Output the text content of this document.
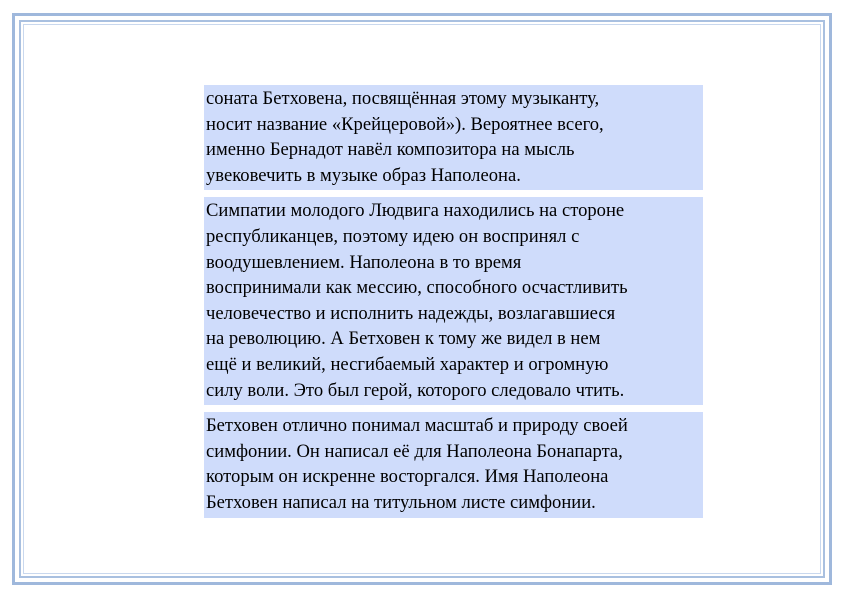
соната Бетховена, посвящённая этому музыканту,
носит название «Крейцеровой»). Вероятнее всего,
именно Бернадот навёл композитора на мысль
увековечить в музыке образ Наполеона.
Симпатии молодого Людвига находились на стороне
республиканцев, поэтому идею он воспринял с
воодушевлением. Наполеона в то время
воспринимали как мессию, способного осчастливить
человечество и исполнить надежды, возлагавшиеся
на революцию. А Бетховен к тому же видел в нем
ещё и великий, несгибаемый характер и огромную
силу воли. Это был герой, которого следовало чтить.
Бетховен отлично понимал масштаб и природу своей
симфонии. Он написал её для Наполеона Бонапарта,
которым он искренне восторгался. Имя Наполеона
Бетховен написал на титульном листе симфонии.
